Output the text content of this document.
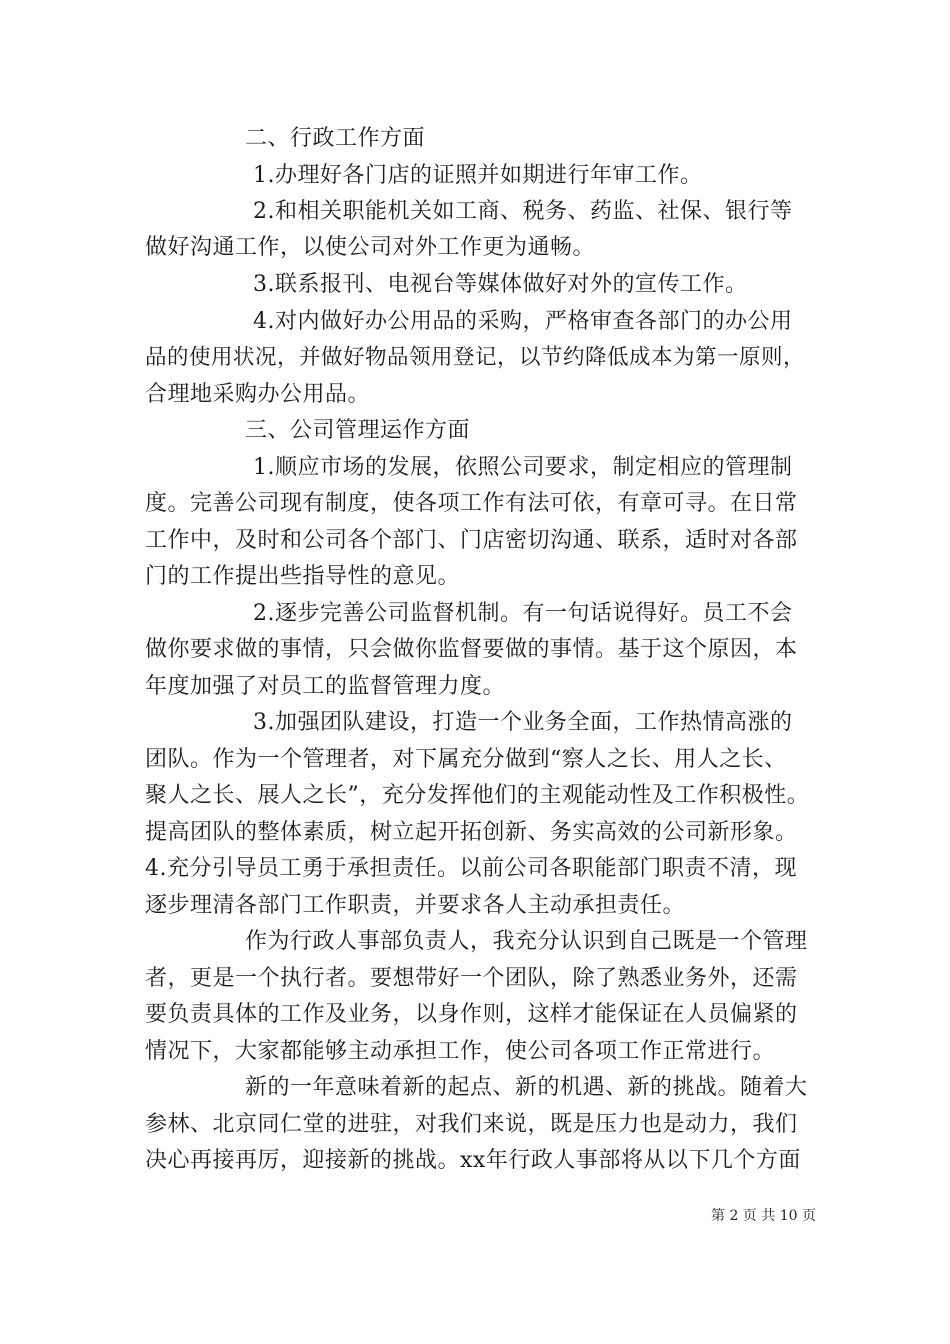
二、行政工作方面
1.办理好各门店的证照并如期进行年审工作。
2.和相关职能机关如工商、税务、药监、社保、银行等
做好沟通工作，以使公司对外工作更为通畅。
3.联系报刊、电视台等媒体做好对外的宣传工作。
4.对内做好办公用品的采购，严格审查各部门的办公用
品的使用状况，并做好物品领用登记，以节约降低成本为第一原则，
合理地采购办公用品。
三、公司管理运作方面
1.顺应市场的发展，依照公司要求，制定相应的管理制
度。完善公司现有制度，使各项工作有法可依，有章可寻。在日常
工作中，及时和公司各个部门、门店密切沟通、联系，适时对各部
门的工作提出些指导性的意见。
2.逐步完善公司监督机制。有一句话说得好。员工不会
做你要求做的事情，只会做你监督要做的事情。基于这个原因，本
年度加强了对员工的监督管理力度。
3.加强团队建设，打造一个业务全面，工作热情高涨的
团队。作为一个管理者，对下属充分做到“察人之长、用人之长、
聚人之长、展人之长”，充分发挥他们的主观能动性及工作积极性。
提高团队的整体素质，树立起开拓创新、务实高效的公司新形象。
4.充分引导员工勇于承担责任。以前公司各职能部门职责不清，现
逐步理清各部门工作职责，并要求各人主动承担责任。
作为行政人事部负责人，我充分认识到自己既是一个管理
者，更是一个执行者。要想带好一个团队，除了熟悉业务外，还需
要负责具体的工作及业务，以身作则，这样才能保证在人员偏紧的
情况下，大家都能够主动承担工作，使公司各项工作正常进行。
新的一年意味着新的起点、新的机遇、新的挑战。随着大
参林、北京同仁堂的进驻，对我们来说，既是压力也是动力，我们
决心再接再厉，迎接新的挑战。xx年行政人事部将从以下几个方面
第 2 页 共 10 页
